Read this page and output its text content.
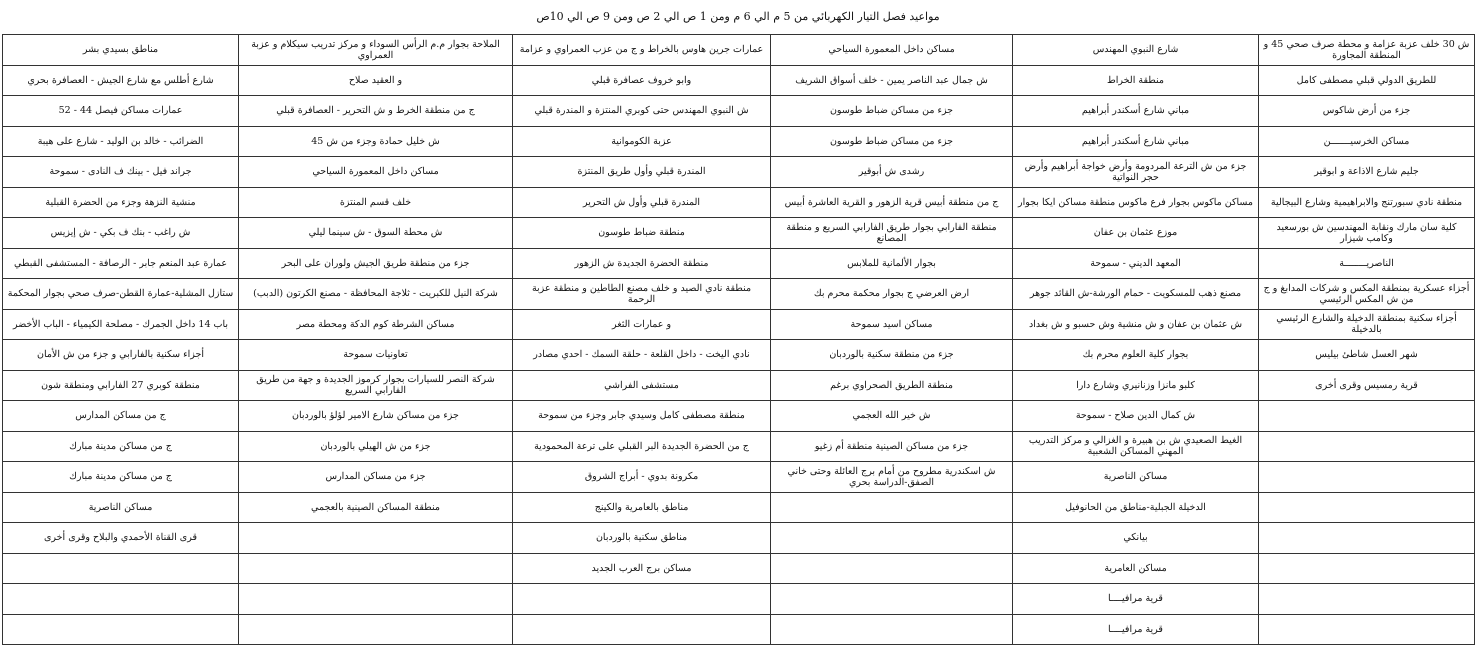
مواعيد فصل التيار الكهربائي من 5 م الي 6 م ومن 1 ص الي 2 ص ومن 9 ص الي 10ص
ش 30 خلف عزبة عزامة و محطة صرف صحي 45 و المنطقة المجاورة	شارع النبوي المهندس	مساكن داخل المعمورة السياحي	عمارات جرين هاوس بالخراط و ج من عزب العمراوي و عزامة	الملاحة بجوار م.م الرأس السوداء و مركز تدريب سيكلام و عزبة العمراوي	مناطق بسيدي بشر
للطريق الدولي قبلي مصطفى كامل	منطقة الخراط	ش جمال عبد الناصر يمين - خلف أسواق الشريف	وابو خروف عصافرة قبلي	و العقيد صلاح	شارع أطلس مع شارع الجيش - العصافرة بحري
جزء من أرض شاكوس	مباني شارع أسكندر أبراهيم	جزء من مساكن ضباط طوسون	ش النبوي المهندس حتى كوبري المنتزة و المندرة قبلي	ج من منطقة الخرط و ش التحرير - العصافرة قبلي	عمارات مساكن فيصل 44 - 52
مساكن الخرسيـــــــن	مباني شارع أسكندر أبراهيم	جزء من مساكن ضباط طوسون	عزبة الكوموانية	ش خليل حمادة وجزء من ش 45	الضرائب - خالد بن الوليد - شارع على هيبة
جليم شارع الاذاعة و ابوقير	جزء من ش الترعة المردومة وأرض خواجة أبراهيم وأرض حجر النواتية	رشدى ش أبوقير	المندرة قبلي وأول طريق المنتزة	مساكن داخل المعمورة السياحي	جراند فيل - بينك ف النادى - سموحة
منطقة نادي سبورتنج والابراهيمية وشارع البيجالية	مساكن ماكوس بجوار فرع ماكوس منطقة مساكن ايكا بجوار	ج من منطقة أبيس قرية الزهور و القرية العاشرة أبيس	المندرة قبلي وأول ش التحرير	خلف قسم المنتزة	منشية النزهة وجزء من الحضرة القبلية
كلية سان مارك ونقابة المهندسين ش بورسعيد وكامب شيزار	موزع عثمان بن عفان	منطقة الفارابي بجوار طريق الفارابي السريع و منطقة المصانع	منطقة ضباط طوسون	ش محطة السوق - ش سينما ليلي	ش راغب - بنك ف بكي - ش إيزيس
الناصريــــــــة	المعهد الديني - سموحة	بجوار الألمانية للملابس	منطقة الحضرة الجديدة ش الزهور	جزء من منطقة طريق الجيش ولوران على البحر	عمارة عبد المنعم جابر - الرصافة - المستشفى القبطي
أجزاء عسكرية بمنطقة المكس و شركات المدابغ و ج من ش المكس الرئيسي	مصنع ذهب للمسكويت - حمام الورشة-ش القائد جوهر	ارض العرضي ج بجوار محكمة محرم بك	منطقة نادي الصيد و خلف مصنع الطاطين و منطقة عزبة الرحمة	شركة النيل للكبريت - ثلاجة المحافظة - مصنع الكرتون (الدبب)	ستازل المشلية-عمارة القطن-صرف صحي بجوار المحكمة
أجزاء سكنية بمنطقة الدخيلة والشارع الرئيسي بالدخيلة	ش عثمان بن عفان و ش منشية وش حسبو و ش بغداد	مساكن اسيد سموحة	و عمارات الثغر	مساكن الشرطة كوم الدكة ومحطة مصر	باب 14 داخل الجمرك - مصلحة الكيمياء - الباب الأخضر
شهر العسل شاطئ بيليس	بجوار كلية العلوم محرم بك	جزء من منطقة سكنية بالوردبان	نادي اليخت - داخل القلعة - حلقة السمك - احدي مصادر	تعاونيات سموحة	أجزاء سكنية بالفارابي و جزء من ش الأمان
قرية رمسيس وقرى أخرى	كلبو مانزا وزنانيري وشارع دارا	منطقة الطريق الصحراوي برغم	مستشفى الفراشي	شركة النصر للسيارات بجوار كرموز الجديدة و جهة من طريق الفارابي السريع	منطقة كوبري 27 الفارابي ومنطقة شون
	ش كمال الدين صلاح - سموحة	ش خير الله العجمي	منطقة مصطفى كامل وسيدي جابر وجزء من سموحة	جزء من مساكن شارع الامير لؤلؤ بالوردبان	ج من مساكن المدارس
	الغيط الصعيدي ش بن هبيرة و الغزالي و مركز التدريب المهني المساكن الشعبية	جزء من مساكن الصينية منطقة أم زغيو	ج من الحضرة الجديدة البر القبلي على ترعة المحمودية	جزء من ش الهيلي بالوردبان	ج من مساكن مدينة مبارك
	مساكن الناصرية	ش اسكندرية مطروح من أمام برج العائلة وحتى خاني الصفق-الدراسة بحري	مكرونة بدوي - أبراج الشروق	جزء من مساكن المدارس	ج من مساكن مدينة مبارك
	الدخيلة الجبلية-مناطق من الحانوفيل		مناطق بالعامرية والكينج	منطقة المساكن الصينية بالعجمي	مساكن الناصرية
	بيانكي		مناطق سكنية بالوردبان		قرى القناة الأحمدي والبلاح وقرى أخرى
	مساكن العامرية		مساكن برج العرب الجديد		
	قرية مرافيــــا				
	قرية مرافيــــا				
